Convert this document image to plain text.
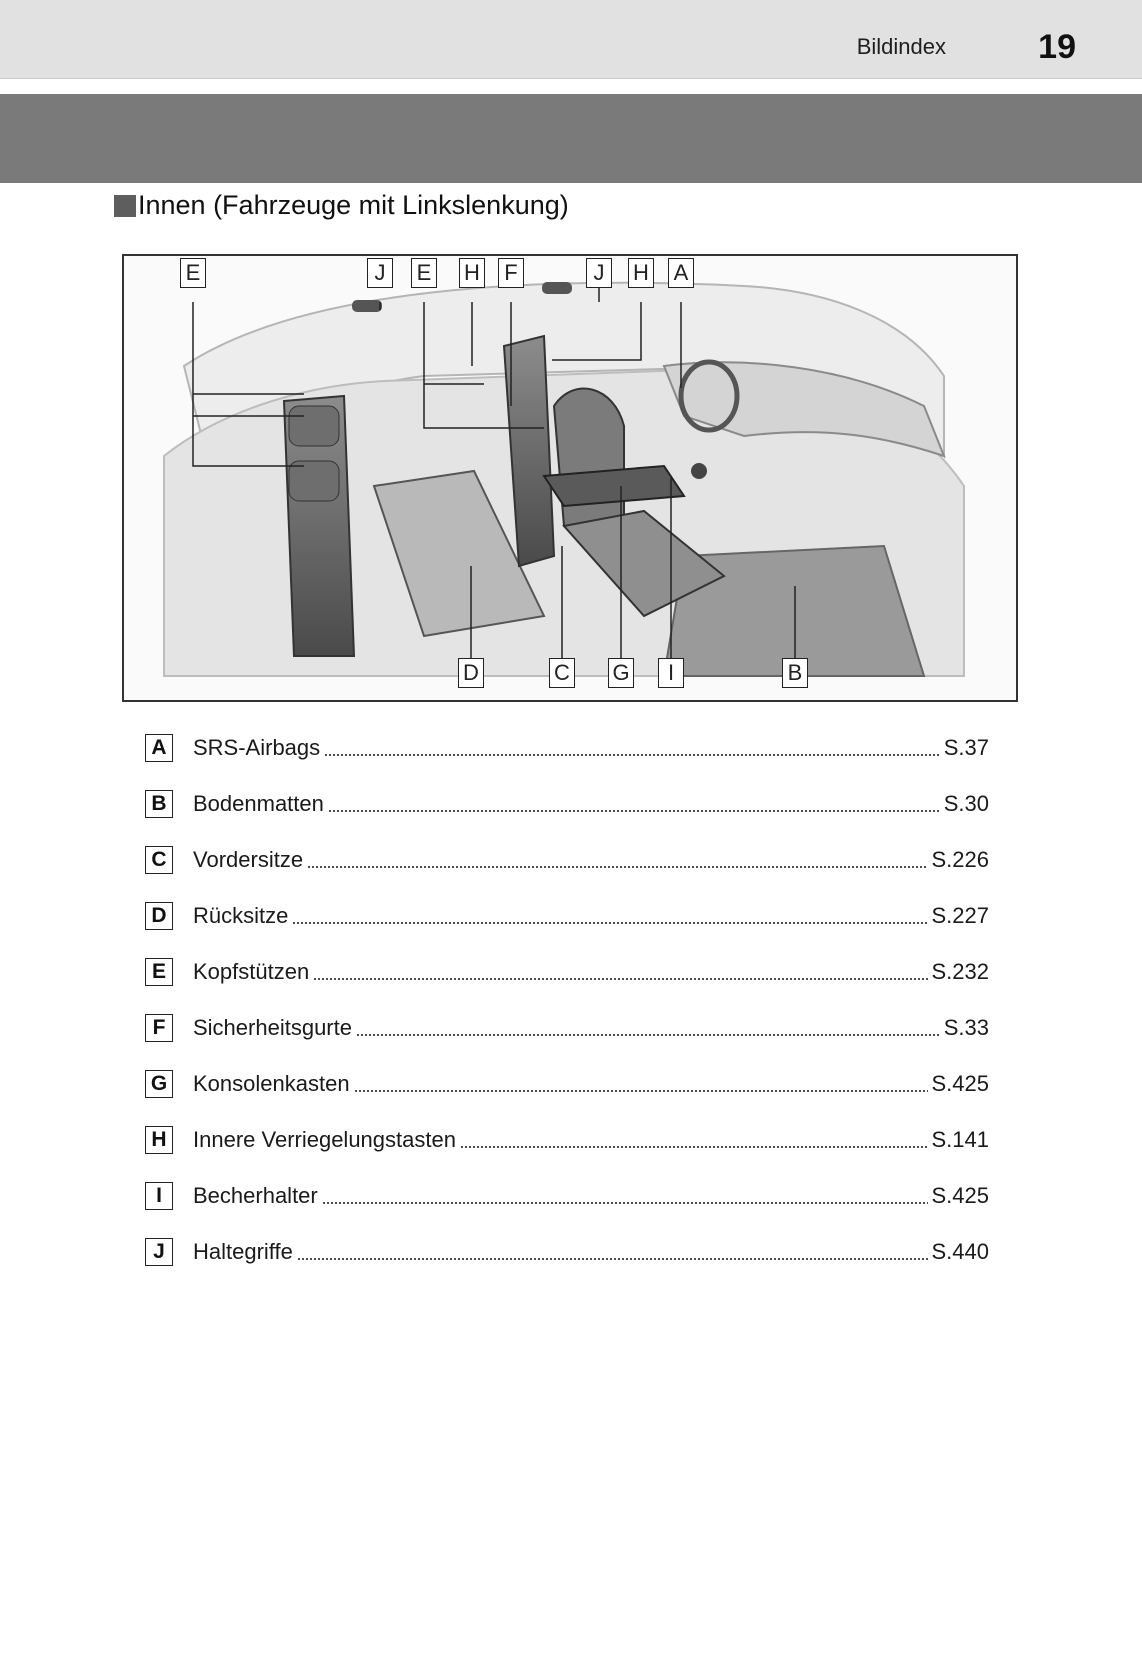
Bildindex	19
Innen (Fahrzeuge mit Linkslenkung)
E	J	E H F	J	H A
D	C G	I	B
A SRS-Airbags	S.37
B Bodenmatten	S.30
C Vordersitze	S.226
D Rücksitze	S.227
E	Kopfstützen	S.232
F	Sicherheitsgurte	S.33
G Konsolenkasten	S.425
H Innere Verriegelungstasten	S.141
I	Becherhalter	S.425
J	Haltegriffe	S.440
